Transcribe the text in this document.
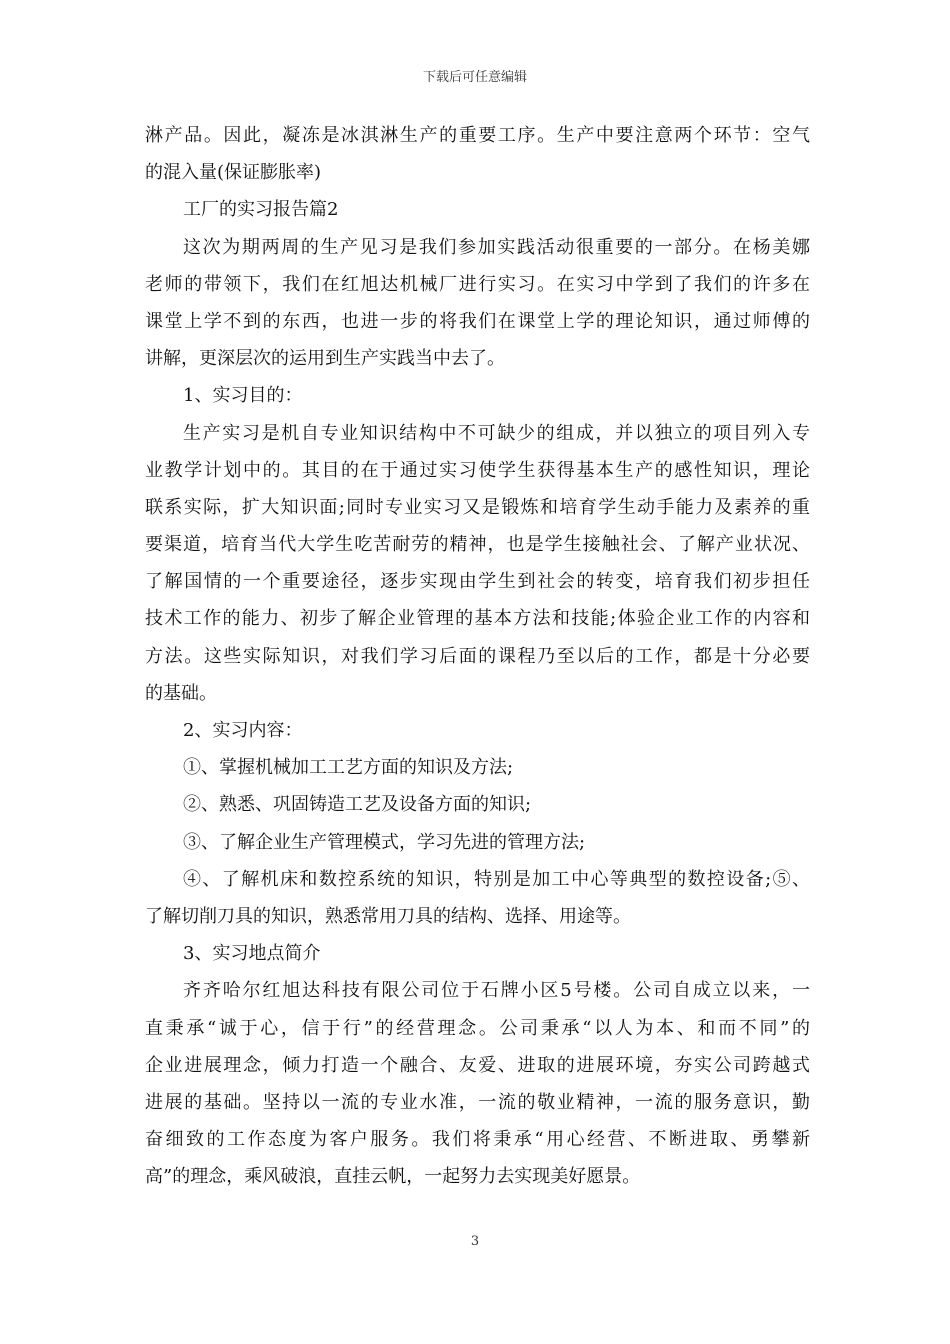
下载后可任意编辑
淋产品。因此，凝冻是冰淇淋生产的重要工序。生产中要注意两个环节：空气
的混入量(保证膨胀率)
工厂的实习报告篇2
这次为期两周的生产见习是我们参加实践活动很重要的一部分。在杨美娜
老师的带领下，我们在红旭达机械厂进行实习。在实习中学到了我们的许多在
课堂上学不到的东西，也进一步的将我们在课堂上学的理论知识，通过师傅的
讲解，更深层次的运用到生产实践当中去了。
1、实习目的：
生产实习是机自专业知识结构中不可缺少的组成，并以独立的项目列入专
业教学计划中的。其目的在于通过实习使学生获得基本生产的感性知识，理论
联系实际，扩大知识面;同时专业实习又是锻炼和培育学生动手能力及素养的重
要渠道，培育当代大学生吃苦耐劳的精神，也是学生接触社会、了解产业状况、
了解国情的一个重要途径，逐步实现由学生到社会的转变，培育我们初步担任
技术工作的能力、初步了解企业管理的基本方法和技能;体验企业工作的内容和
方法。这些实际知识，对我们学习后面的课程乃至以后的工作，都是十分必要
的基础。
2、实习内容：
①、掌握机械加工工艺方面的知识及方法;
②、熟悉、巩固铸造工艺及设备方面的知识;
③、了解企业生产管理模式，学习先进的管理方法;
④、了解机床和数控系统的知识，特别是加工中心等典型的数控设备;⑤、
了解切削刀具的知识，熟悉常用刀具的结构、选择、用途等。
3、实习地点简介
齐齐哈尔红旭达科技有限公司位于石牌小区5号楼。公司自成立以来，一
直秉承“诚于心，信于行”的经营理念。公司秉承“以人为本、和而不同”的
企业进展理念，倾力打造一个融合、友爱、进取的进展环境，夯实公司跨越式
进展的基础。坚持以一流的专业水准，一流的敬业精神，一流的服务意识，勤
奋细致的工作态度为客户服务。我们将秉承“用心经营、不断进取、勇攀新
高”的理念，乘风破浪，直挂云帆，一起努力去实现美好愿景。
3
